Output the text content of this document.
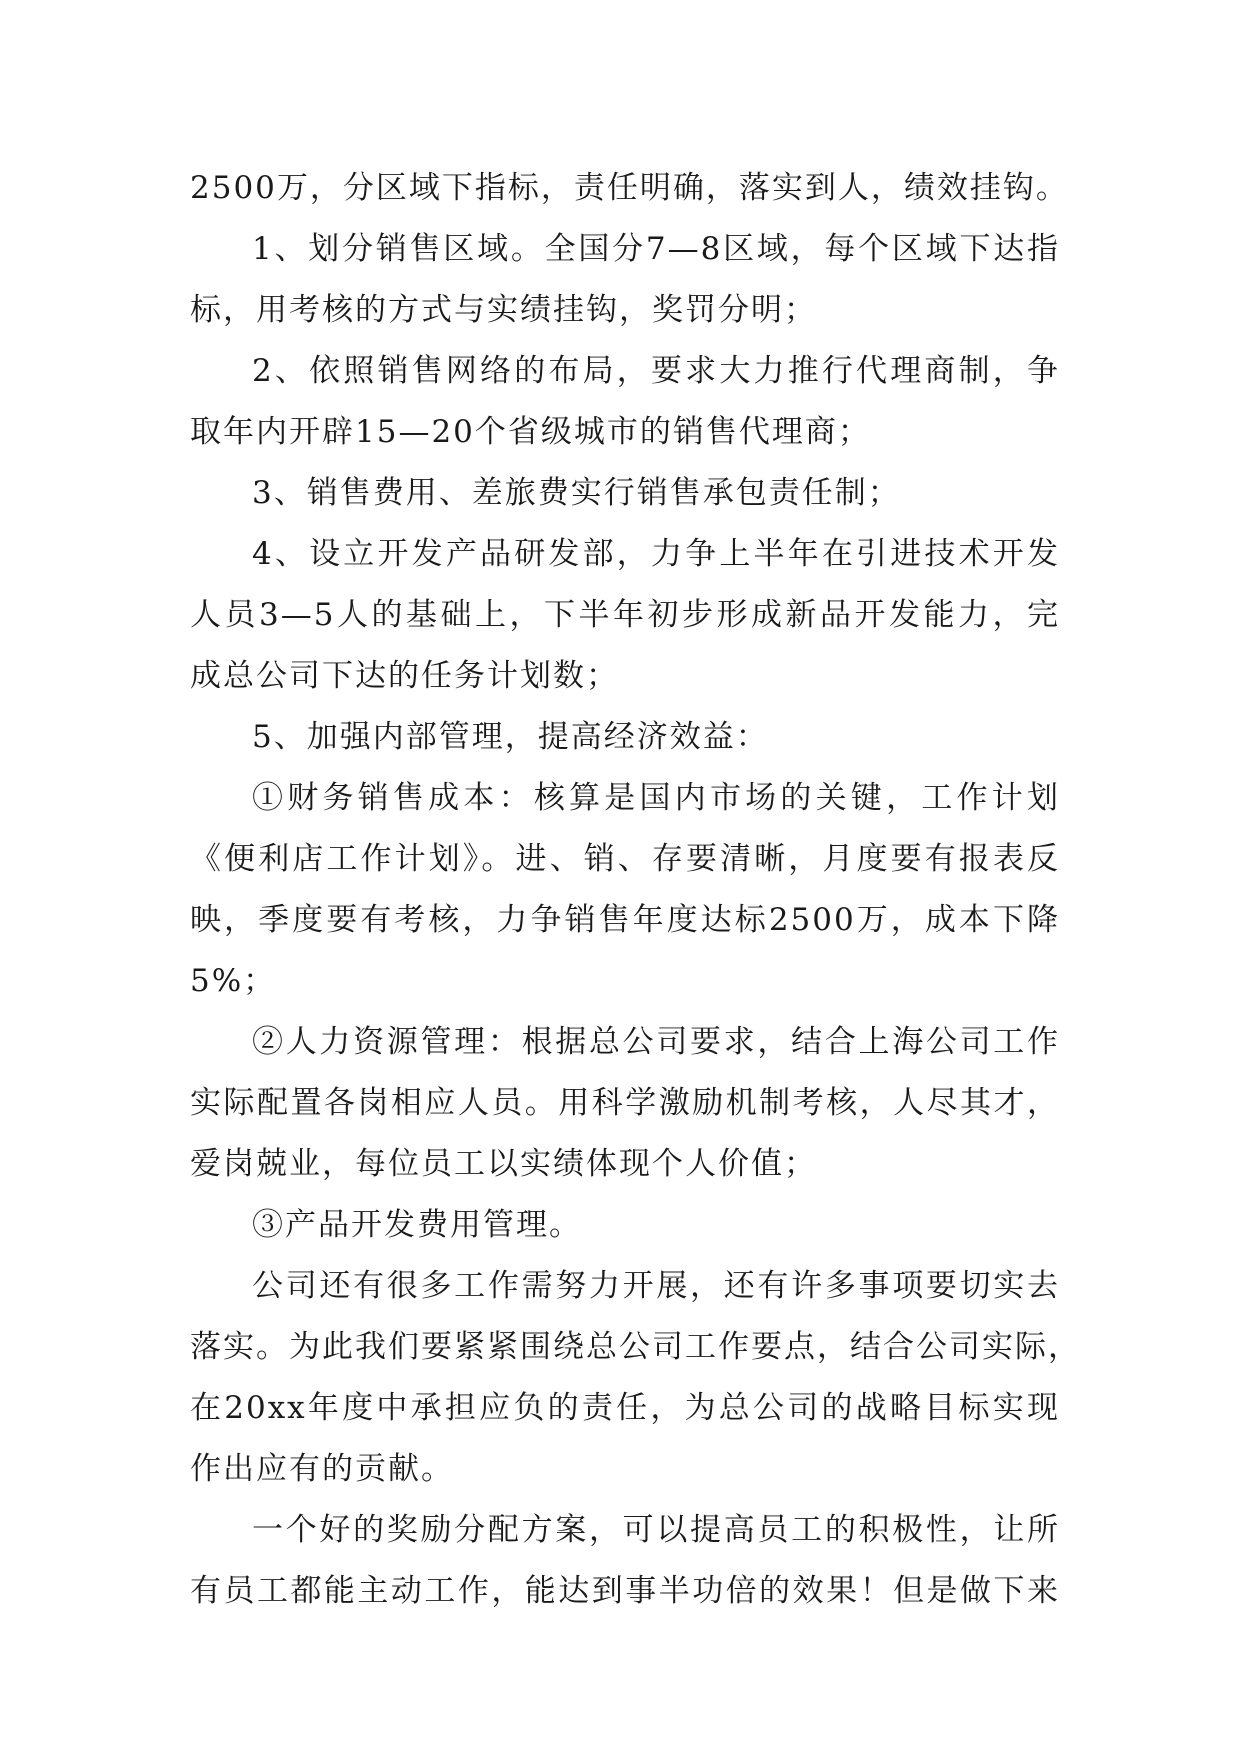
2500万，分区域下指标，责任明确，落实到人，绩效挂钩。
1、划分销售区域。全国分7—8区域，每个区域下达指
标，用考核的方式与实绩挂钩，奖罚分明；
2、依照销售网络的布局，要求大力推行代理商制，争
取年内开辟15—20个省级城市的销售代理商；
3、销售费用、差旅费实行销售承包责任制；
4、设立开发产品研发部，力争上半年在引进技术开发
人员3—5人的基础上，下半年初步形成新品开发能力，完
成总公司下达的任务计划数；
5、加强内部管理，提高经济效益：
①财务销售成本：核算是国内市场的关键，工作计划
《便利店工作计划》。进、销、存要清晰，月度要有报表反
映，季度要有考核，力争销售年度达标2500万，成本下降
5%；
②人力资源管理：根据总公司要求，结合上海公司工作
实际配置各岗相应人员。用科学激励机制考核，人尽其才，
爱岗兢业，每位员工以实绩体现个人价值；
③产品开发费用管理。
公司还有很多工作需努力开展，还有许多事项要切实去
落实。为此我们要紧紧围绕总公司工作要点，结合公司实际，
在20xx年度中承担应负的责任，为总公司的战略目标实现
作出应有的贡献。
一个好的奖励分配方案，可以提高员工的积极性，让所
有员工都能主动工作，能达到事半功倍的效果！但是做下来
